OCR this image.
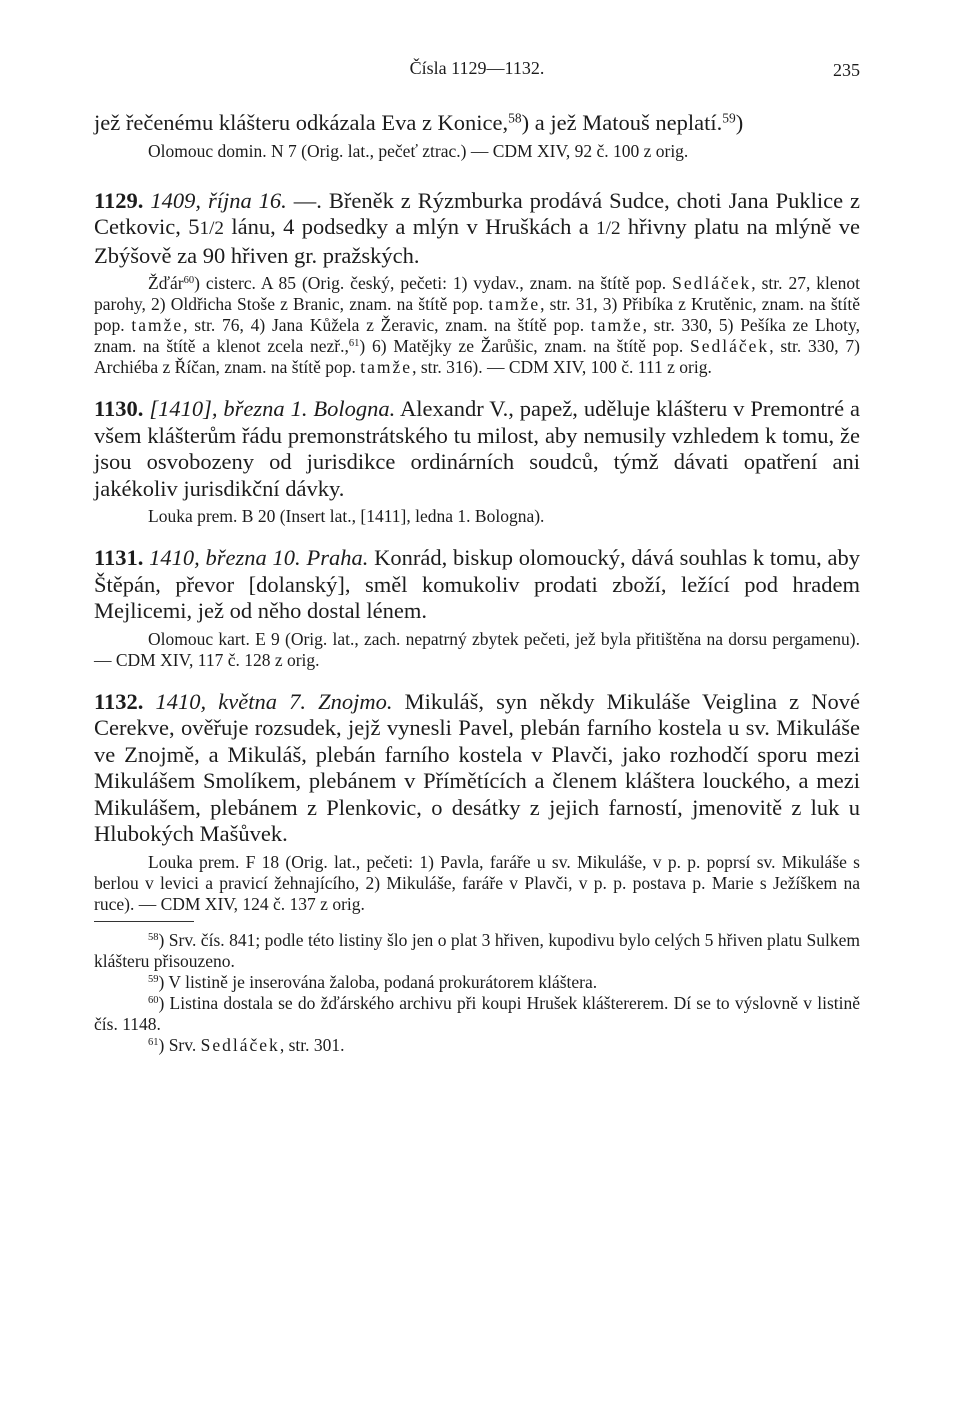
Čísla 1129—1132.	235

jež řečenému klášteru odkázala Eva z Konice,$^{58}$) a jež Matouš neplatí.$^{59}$)

Olomouc domin. N 7 (Orig. lat., pečeť ztrac.) — CDM XIV, 92 č. 100 z orig.

1129. 1409, října 16. —. Břeněk z Rýzmburka prodává Sudce, choti Jana Puklice z Cetkovic, 51/2 lánu, 4 podsedky a mlýn v Hruškách a 1/2 hřivny platu na mlýně ve Zbýšově za 90 hřiven gr. pražských.

Žďár$^{60}$) cisterc. A 85 (Orig. český, pečeti: 1) vydav., znam. na štítě pop. Sedláček, str. 27, klenot parohy, 2) Oldřicha Stoše z Branic, znam. na štítě pop. tamže, str. 31, 3) Přibíka z Krutěnic, znam. na štítě pop. tamže, str. 76, 4) Jana Kůžela z Žeravic, znam. na štítě pop. tamže, str. 330, 5) Pešíka ze Lhoty, znam. na štítě a klenot zcela nezř.,$^{61}$) 6) Matějky ze Žarůšic, znam. na štítě pop. Sedláček, str. 330, 7) Archiéba z Říčan, znam. na štítě pop. tamže, str. 316). — CDM XIV, 100 č. 111 z orig.

1130. [1410], března 1. Bologna. Alexandr V., papež, uděluje klášteru v Premontré a všem klášterům řádu premonstrátského tu milost, aby nemusily vzhledem k tomu, že jsou osvobozeny od jurisdikce ordinárních soudců, týmž dávati opatření ani jakékoliv jurisdikční dávky.

Louka prem. B 20 (Insert lat., [1411], ledna 1. Bologna).

1131. 1410, března 10. Praha. Konrád, biskup olomoucký, dává souhlas k tomu, aby Štěpán, převor [dolanský], směl komukoliv prodati zboží, ležící pod hradem Mejlicemi, jež od něho dostal lénem.

Olomouc kart. E 9 (Orig. lat., zach. nepatrný zbytek pečeti, jež byla přitištěna na dorsu pergamenu). — CDM XIV, 117 č. 128 z orig.

1132. 1410, května 7. Znojmo. Mikuláš, syn někdy Mikuláše Veiglina z Nové Cerekve, ověřuje rozsudek, jejž vynesli Pavel, plebán farního kostela u sv. Mikuláše ve Znojmě, a Mikuláš, plebán farního kostela v Plavči, jako rozhodčí sporu mezi Mikulášem Smolíkem, plebánem v Přímětících a členem kláštera louckého, a mezi Mikulášem, plebánem z Plenkovic, o desátky z jejich farností, jmenovitě z luk u Hlubokých Mašůvek.

Louka prem. F 18 (Orig. lat., pečeti: 1) Pavla, faráře u sv. Mikuláše, v p. p. poprsí sv. Mikuláše s berlou v levici a pravicí žehnajícího, 2) Mikuláše, faráře v Plavči, v p. p. postava p. Marie s Ježíškem na ruce). — CDM XIV, 124 č. 137 z orig.

$^{58}$) Srv. čís. 841; podle této listiny šlo jen o plat 3 hřiven, kupodivu bylo celých 5 hřiven platu Sulkem klášteru přisouzeno.

$^{59}$) V listině je inserována žaloba, podaná prokurátorem kláštera.

$^{60}$) Listina dostala se do žďárského archivu při koupi Hrušek kláštererem. Dí se to výslovně v listině čís. 1148.

$^{61}$) Srv. Sedláček, str. 301.
